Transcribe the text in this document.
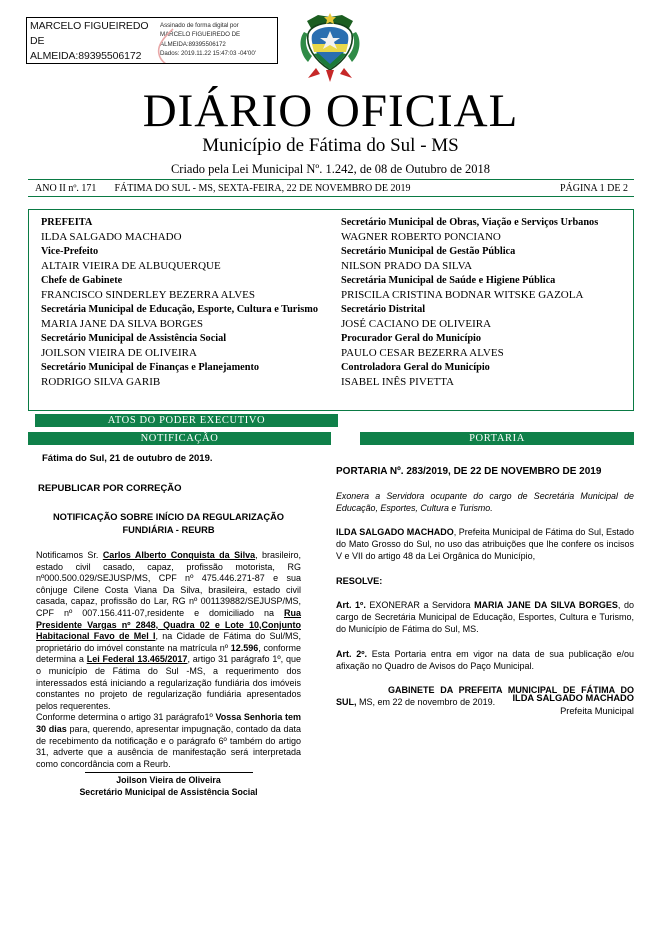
MARCELO FIGUEIREDO DE ALMEIDA:89395506172
Assinado de forma digital por
MARCELO FIGUEIREDO DE
ALMEIDA:89395506172
Dados: 2019.11.22 15:47:03 -04'00'
DIÁRIO OFICIAL
Município de Fátima do Sul - MS
Criado pela Lei Municipal Nº. 1.242, de 08 de Outubro de 2018
ANO II nº. 171	FÁTIMA DO SUL - MS, SEXTA-FEIRA, 22 DE NOVEMBRO DE 2019	PÁGINA 1 DE 2
PREFEITA
ILDA SALGADO MACHADO
Vice-Prefeito
ALTAIR VIEIRA DE ALBUQUERQUE
Chefe de Gabinete
FRANCISCO SINDERLEY BEZERRA ALVES
Secretária Municipal de Educação, Esporte, Cultura e Turismo
MARIA JANE DA SILVA BORGES
Secretário Municipal de Assistência Social
JOILSON VIEIRA DE OLIVEIRA
Secretário Municipal de Finanças e Planejamento
RODRIGO SILVA GARIB
Secretário Municipal de Obras, Viação e Serviços Urbanos
WAGNER ROBERTO PONCIANO
Secretário Municipal de Gestão Pública
NILSON PRADO DA SILVA
Secretária Municipal de Saúde e Higiene Pública
PRISCILA CRISTINA BODNAR WITSKE GAZOLA
Secretário Distrital
JOSÉ CACIANO DE OLIVEIRA
Procurador Geral do Município
PAULO CESAR BEZERRA ALVES
Controladora Geral do Município
ISABEL INÊS PIVETTA
ATOS DO PODER EXECUTIVO
NOTIFICAÇÃO	PORTARIA
Fátima do Sul, 21 de outubro de 2019.
REPUBLICAR POR CORREÇÃO
NOTIFICAÇÃO SOBRE INÍCIO DA REGULARIZAÇÃO
FUNDIÁRIA - REURB
Notificamos Sr. Carlos Alberto Conquista da Silva, brasileiro, estado civil casado, capaz, profissão motorista, RG nº000.500.029/SEJUSP/MS, CPF nº 475.446.271-87 e sua cônjuge Cilene Costa Viana Da Silva, brasileira, estado civil casada, capaz, profissão do Lar, RG nº 001139882/SEJUSP/MS, CPF nº 007.156.411-07,residente e domiciliado na Rua Presidente Vargas nº 2848, Quadra 02 e Lote 10,Conjunto Habitacional Favo de Mel I, na Cidade de Fátima do Sul/MS, proprietário do imóvel constante na matrícula nº 12.596, conforme determina a Lei Federal 13.465/2017, artigo 31 parágrafo 1º, que o município de Fátima do Sul -MS, a requerimento dos interessados está iniciando a regularização fundiária dos imóveis constantes no projeto de regularização fundiária apresentados pelos requerentes.
Conforme determina o artigo 31 parágrafo1º Vossa Senhoria tem 30 dias para, querendo, apresentar impugnação, contado da data de recebimento da notificação e o parágrafo 6º também do artigo 31, adverte que a ausência de manifestação será interpretada como concordância com a Reurb.
Joilson Vieira de Oliveira
Secretário Municipal de Assistência Social
PORTARIA Nº. 283/2019, DE 22 DE NOVEMBRO DE 2019
Exonera a Servidora ocupante do cargo de Secretária Municipal de Educação, Esportes, Cultura e Turismo.
ILDA SALGADO MACHADO, Prefeita Municipal de Fátima do Sul, Estado do Mato Grosso do Sul, no uso das atribuições que lhe confere os incisos V e VII do artigo 48 da Lei Orgânica do Município,
RESOLVE:
Art. 1º. EXONERAR a Servidora MARIA JANE DA SILVA BORGES, do cargo de Secretária Municipal de Educação, Esportes, Cultura e Turismo, do Município de Fátima do Sul, MS.
Art. 2º. Esta Portaria entra em vigor na data de sua publicação e/ou afixação no Quadro de Avisos do Paço Municipal.
GABINETE DA PREFEITA MUNICIPAL DE FÁTIMA DO SUL, MS, em 22 de novembro de 2019.	ILDA SALGADO MACHADO
Prefeita Municipal
